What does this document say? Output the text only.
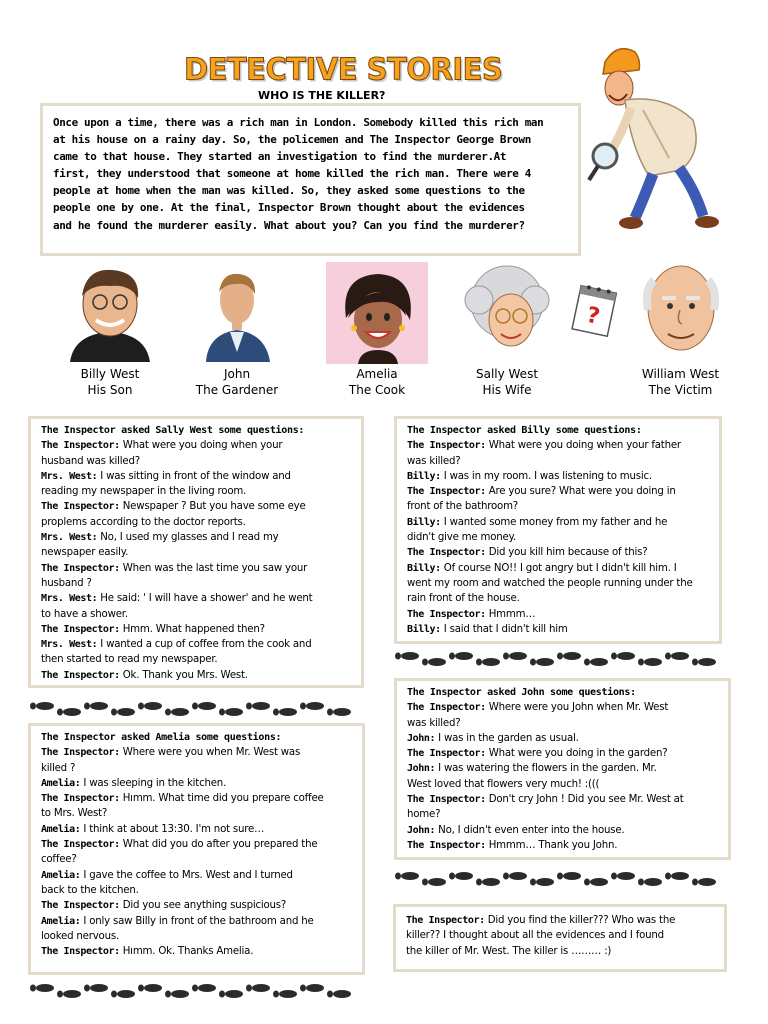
DETECTIVE STORIES
WHO IS THE KILLER?

Once upon a time, there was a rich man in London. Somebody killed this rich man

at his house on a rainy day. So, the policemen and The Inspector George Brown

came to that house. They started an investigation to find the murderer.At

first, they understood that someone at home killed the rich man. There were 4

people at home when the man was killed. So, they asked some questions to the

people one by one. At the final, Inspector Brown thought about the evidences

and he found the murderer easily. What about you? Can you find the murderer?

Billy West
His Son
John
The Gardener
Amelia
The Cook
Sally West
His Wife
?
William West
The Victim
The Inspector asked Sally West some questions:
The Inspector: What were you doing when your
husband was killed?
Mrs. West: I was sitting in front of the window and
reading my newspaper in the living room.
The Inspector: Newspaper ? But you have some eye
proplems according to the doctor reports.
Mrs. West: No, I used my glasses and I read my
newspaper easily.
The Inspector: When was the last time you saw your
husband ?
Mrs. West: He said: ' I will have a shower' and he went
to have a shower.
The Inspector: Hmm. What happened then?
Mrs. West: I wanted a cup of coffee from the cook and
then started to read my newspaper.
The Inspector: Ok. Thank you Mrs. West.
The Inspector asked Billy some questions:
The Inspector: What were you doing when your father
was killed?
Billy: I was in my room. I was listening to music.
The Inspector: Are you sure? What were you doing in
front of the bathroom?
Billy: I wanted some money from my father and he
didn't give me money.
The Inspector: Did you kill him because of this?
Billy: Of course NO!! I got angry but I didn't kill him. I
went my room and watched the people running under the
rain front of the house.
The Inspector: Hmmm…
Billy: I said that I didn't kill him
The Inspector asked John some questions:
The Inspector: Where were you John when Mr. West
was killed?
John: I was in the garden as usual.
The Inspector: What were you doing in the garden?
John: I was watering the flowers in the garden. Mr.
West loved that flowers very much! :(((
The Inspector: Don't cry John ! Did you see Mr. West at
home?
John: No, I didn't even enter into the house.
The Inspector: Hmmm… Thank you John.
The Inspector asked Amelia some questions:
The Inspector: Where were you when Mr. West was
killed ?
Amelia: I was sleeping in the kitchen.
The Inspector: Hımm. What time did you prepare coffee
to Mrs. West?
Amelia: I think at about 13:30. I'm not sure…
The Inspector: What did you do after you prepared the
coffee?
Amelia: I gave the coffee to Mrs. West and I turned
back to the kitchen.
The Inspector: Did you see anything suspicious?
Amelia: I only saw Billy in front of the bathroom and he
looked nervous.
The Inspector: Hımm. Ok. Thanks Amelia.
The Inspector: Did you find the killer??? Who was the
killer?? I thought about all the evidences and I found
the killer of Mr. West. The killer is ……… :)
